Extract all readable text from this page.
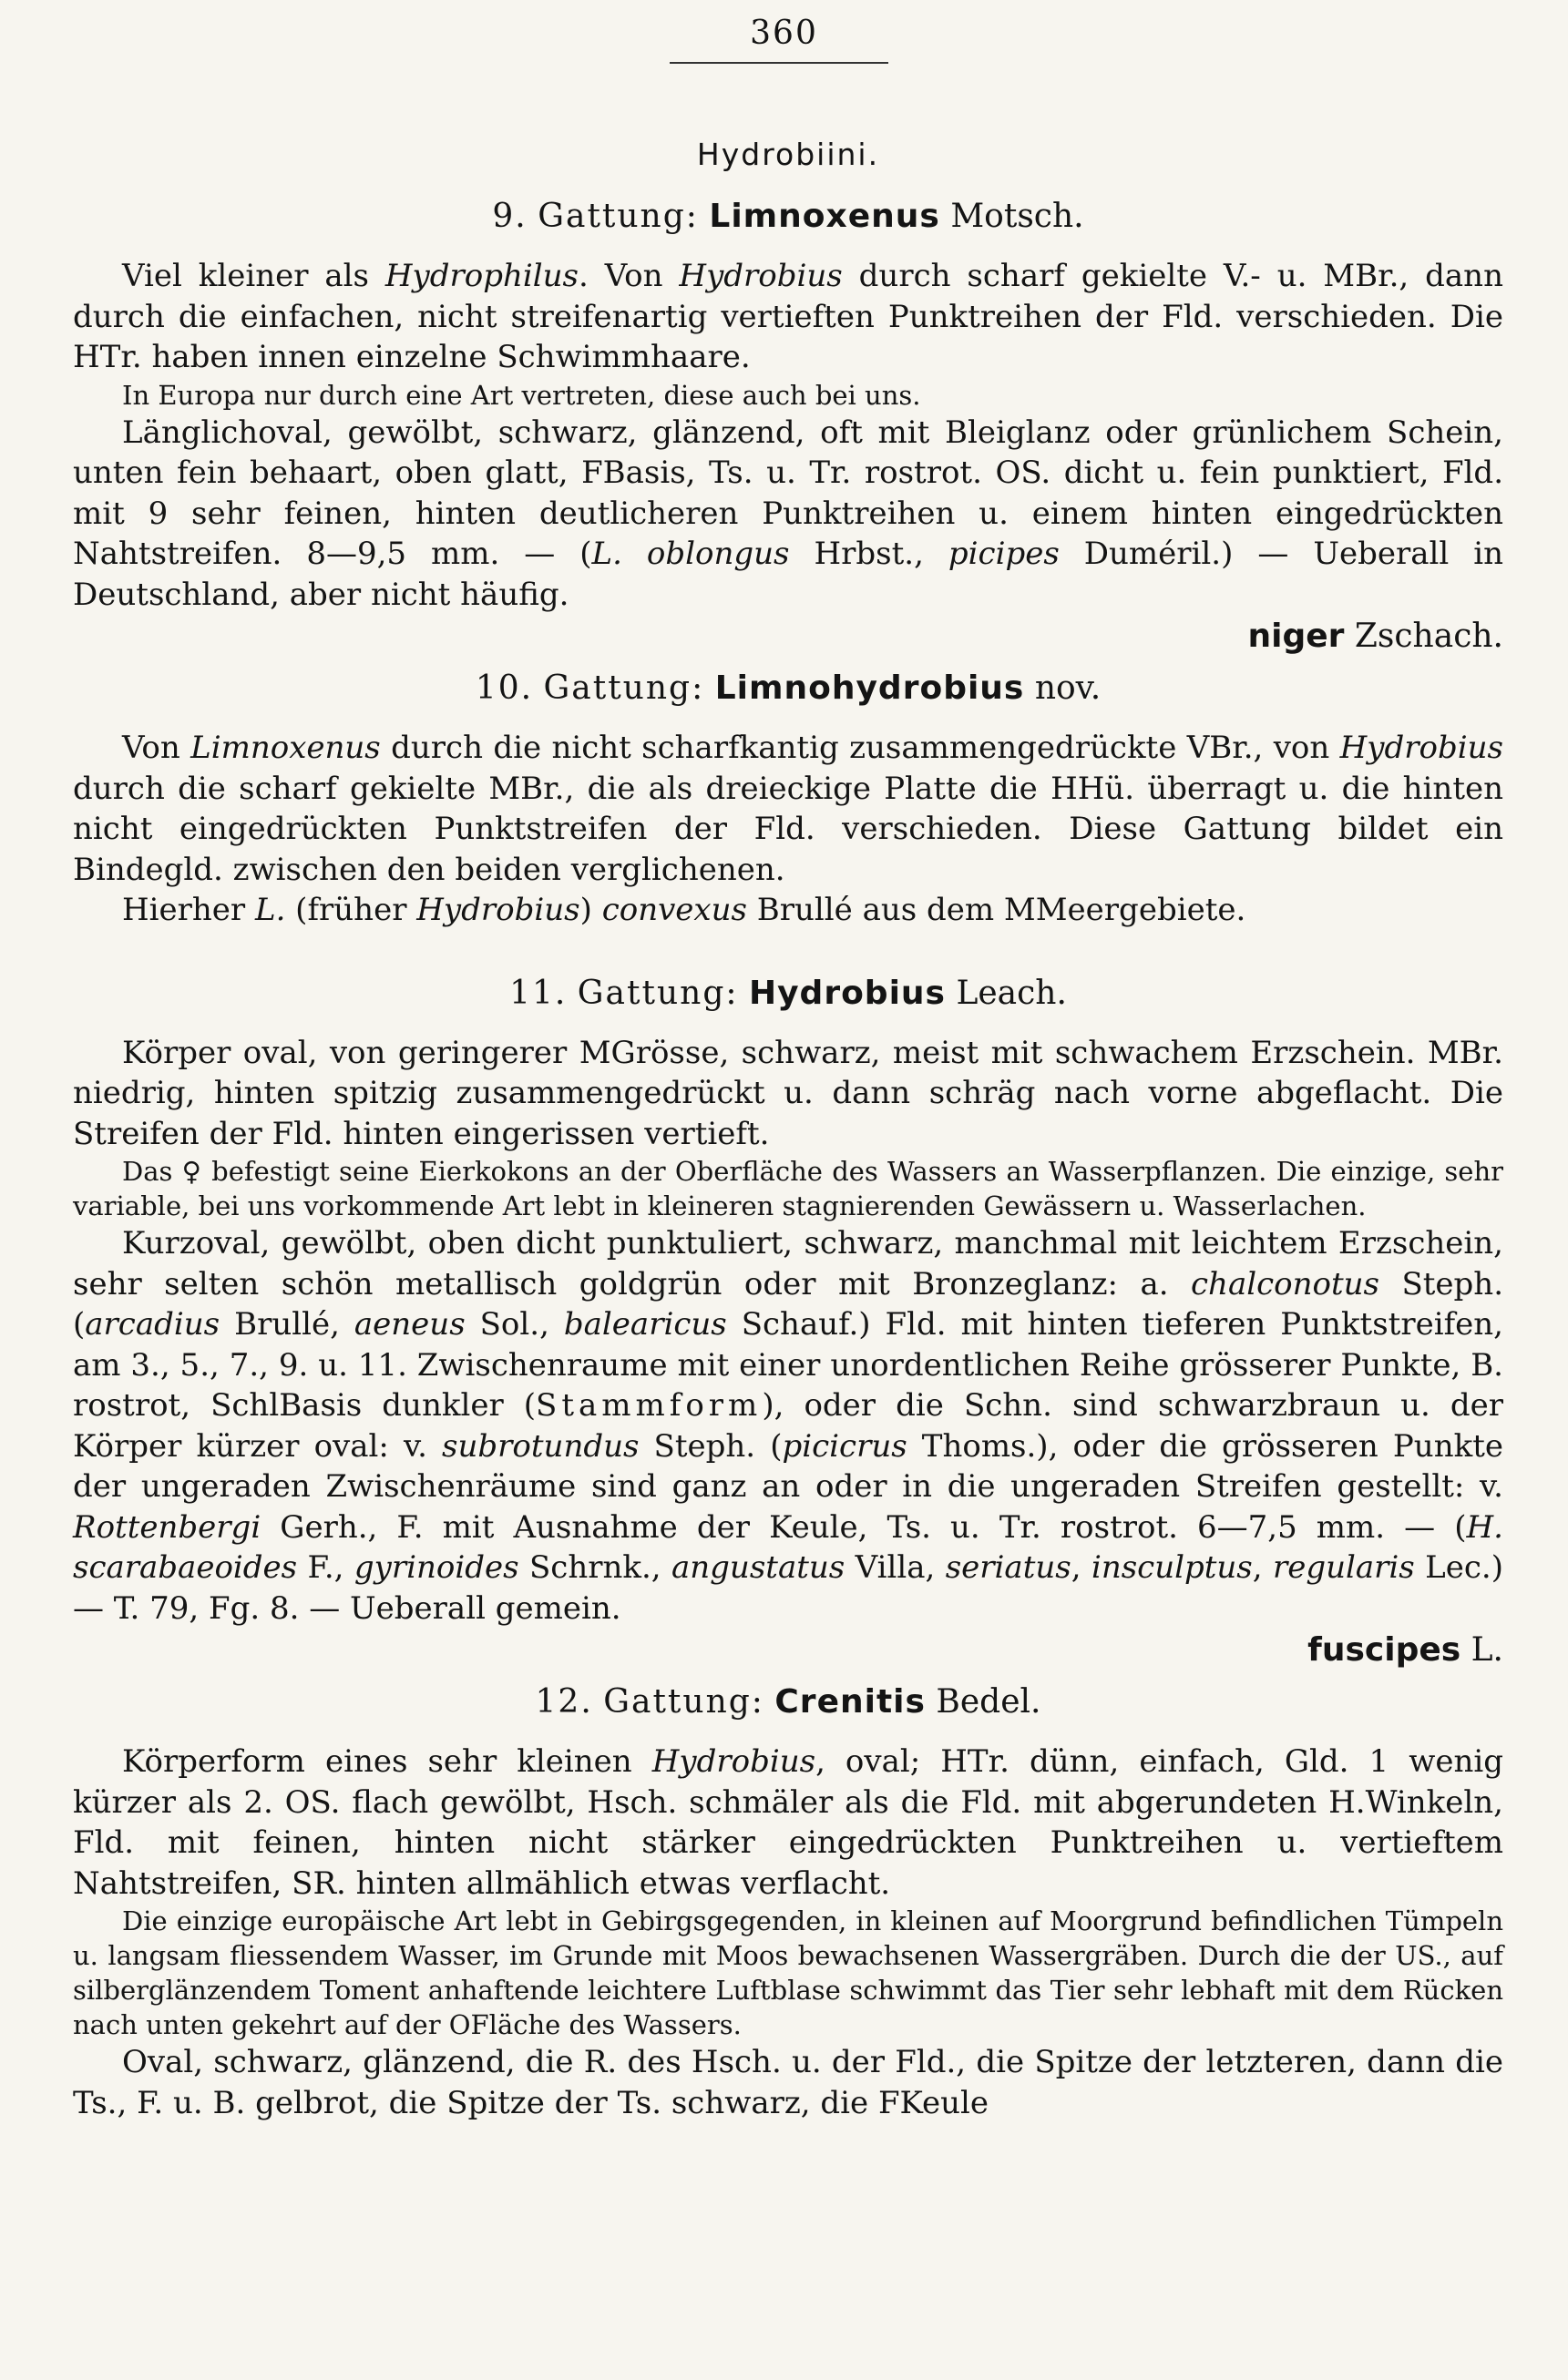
360
Hydrobiini.
9. Gattung: Limnoxenus Motsch.

Viel kleiner als Hydrophilus. Von Hydrobius durch scharf gekielte V.- u. MBr., dann durch die einfachen, nicht streifenartig vertieften Punktreihen der Fld. verschieden. Die HTr. haben innen einzelne Schwimmhaare.

In Europa nur durch eine Art vertreten, diese auch bei uns.

Länglichoval, gewölbt, schwarz, glänzend, oft mit Bleiglanz oder grünlichem Schein, unten fein behaart, oben glatt, FBasis, Ts. u. Tr. rostrot. OS. dicht u. fein punktiert, Fld. mit 9 sehr feinen, hinten deutlicheren Punktreihen u. einem hinten eingedrückten Nahtstreifen. 8—9,5 mm. — (L. oblongus Hrbst., picipes Duméril.) — Ueberall in Deutschland, aber nicht häufig.

niger Zschach.
10. Gattung: Limnohydrobius nov.

Von Limnoxenus durch die nicht scharfkantig zusammengedrückte VBr., von Hydrobius durch die scharf gekielte MBr., die als dreieckige Platte die HHü. überragt u. die hinten nicht eingedrückten Punktstreifen der Fld. verschieden. Diese Gattung bildet ein Bindegld. zwischen den beiden verglichenen.

Hierher L. (früher Hydrobius) convexus Brullé aus dem MMeergebiete.

11. Gattung: Hydrobius Leach.

Körper oval, von geringerer MGrösse, schwarz, meist mit schwachem Erzschein. MBr. niedrig, hinten spitzig zusammengedrückt u. dann schräg nach vorne abgeflacht. Die Streifen der Fld. hinten eingerissen vertieft.

Das ♀ befestigt seine Eierkokons an der Oberfläche des Wassers an Wasserpflanzen. Die einzige, sehr variable, bei uns vorkommende Art lebt in kleineren stagnierenden Gewässern u. Wasserlachen.

Kurzoval, gewölbt, oben dicht punktuliert, schwarz, manchmal mit leichtem Erzschein, sehr selten schön metallisch goldgrün oder mit Bronzeglanz: a. chalconotus Steph. (arcadius Brullé, aeneus Sol., balearicus Schauf.) Fld. mit hinten tieferen Punktstreifen, am 3., 5., 7., 9. u. 11. Zwischenraume mit einer unordentlichen Reihe grösserer Punkte, B. rostrot, SchlBasis dunkler (Stammform), oder die Schn. sind schwarzbraun u. der Körper kürzer oval: v. subrotundus Steph. (picicrus Thoms.), oder die grösseren Punkte der ungeraden Zwischenräume sind ganz an oder in die ungeraden Streifen gestellt: v. Rottenbergi Gerh., F. mit Ausnahme der Keule, Ts. u. Tr. rostrot. 6—7,5 mm. — (H. scarabaeoides F., gyrinoides Schrnk., angustatus Villa, seriatus, insculptus, regularis Lec.) — T. 79, Fg. 8. — Ueberall gemein.

fuscipes L.
12. Gattung: Crenitis Bedel.

Körperform eines sehr kleinen Hydrobius, oval; HTr. dünn, einfach, Gld. 1 wenig kürzer als 2. OS. flach gewölbt, Hsch. schmäler als die Fld. mit abgerundeten H.Winkeln, Fld. mit feinen, hinten nicht stärker eingedrückten Punktreihen u. vertieftem Nahtstreifen, SR. hinten allmählich etwas verflacht.

Die einzige europäische Art lebt in Gebirgsgegenden, in kleinen auf Moorgrund befindlichen Tümpeln u. langsam fliessendem Wasser, im Grunde mit Moos bewachsenen Wassergräben. Durch die der US., auf silberglänzendem Toment anhaftende leichtere Luftblase schwimmt das Tier sehr lebhaft mit dem Rücken nach unten gekehrt auf der OFläche des Wassers.

Oval, schwarz, glänzend, die R. des Hsch. u. der Fld., die Spitze der letzteren, dann die Ts., F. u. B. gelbrot, die Spitze der Ts. schwarz, die FKeule
